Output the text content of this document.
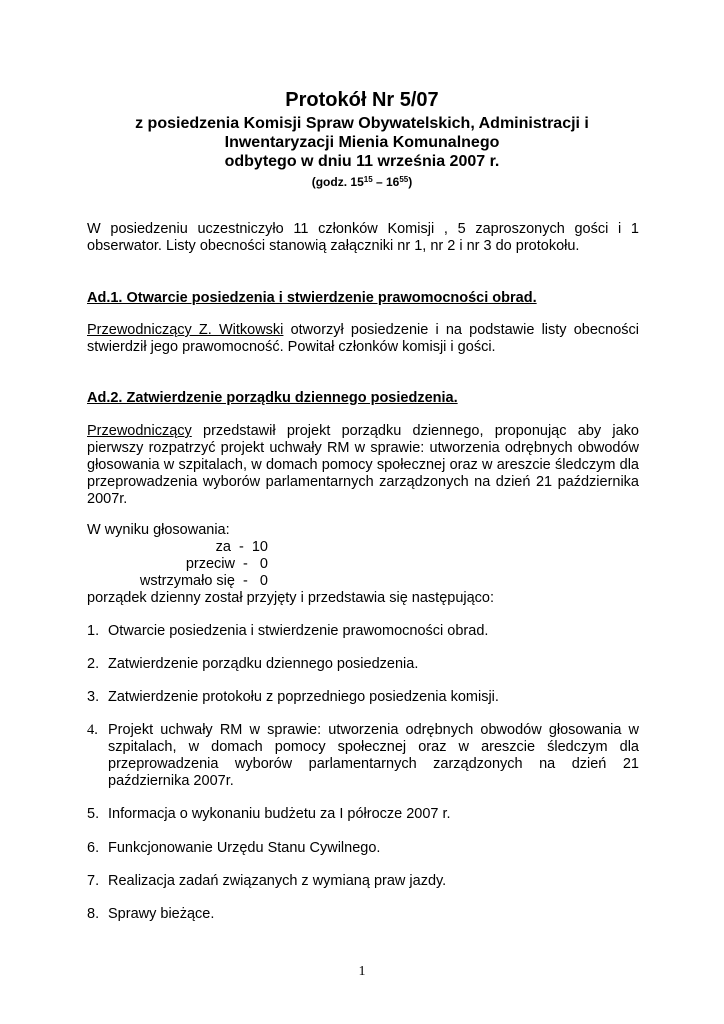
Protokół Nr 5/07
z posiedzenia Komisji Spraw Obywatelskich, Administracji i
Inwentaryzacji Mienia Komunalnego
odbytego w dniu 11 września 2007 r.
(godz. $15^{15} - 16^{55}$)
W posiedzeniu uczestniczyło 11 członków Komisji , 5 zaproszonych gości i 1 obserwator. Listy obecności stanowią załączniki nr 1, nr 2 i nr 3 do protokołu.
Ad.1. Otwarcie posiedzenia i stwierdzenie prawomocności obrad.
Przewodniczący Z. Witkowski otworzył posiedzenie i na podstawie listy obecności stwierdził jego prawomocność. Powitał członków komisji i gości.
Ad.2. Zatwierdzenie porządku dziennego posiedzenia.
Przewodniczący przedstawił projekt porządku dziennego, proponując aby jako pierwszy rozpatrzyć projekt uchwały RM w sprawie: utworzenia odrębnych obwodów głosowania w szpitalach, w domach pomocy społecznej oraz w areszcie śledczym dla przeprowadzenia wyborów parlamentarnych zarządzonych na dzień 21 października 2007r.
W wyniku głosowania:
za  -  10
przeciw  -   0
wstrzymało się  -   0
porządek dzienny został przyjęty i przedstawia się następująco:
1. Otwarcie posiedzenia i stwierdzenie prawomocności obrad.
2. Zatwierdzenie porządku dziennego posiedzenia.
3. Zatwierdzenie protokołu z poprzedniego posiedzenia komisji.
4. Projekt uchwały RM w sprawie: utworzenia odrębnych obwodów głosowania w szpitalach, w domach pomocy społecznej oraz w areszcie śledczym dla przeprowadzenia wyborów parlamentarnych zarządzonych na dzień 21 października 2007r.
5. Informacja o wykonaniu budżetu za I półrocze 2007 r.
6. Funkcjonowanie Urzędu Stanu Cywilnego.
7. Realizacja zadań związanych z wymianą praw jazdy.
8. Sprawy bieżące.
1
